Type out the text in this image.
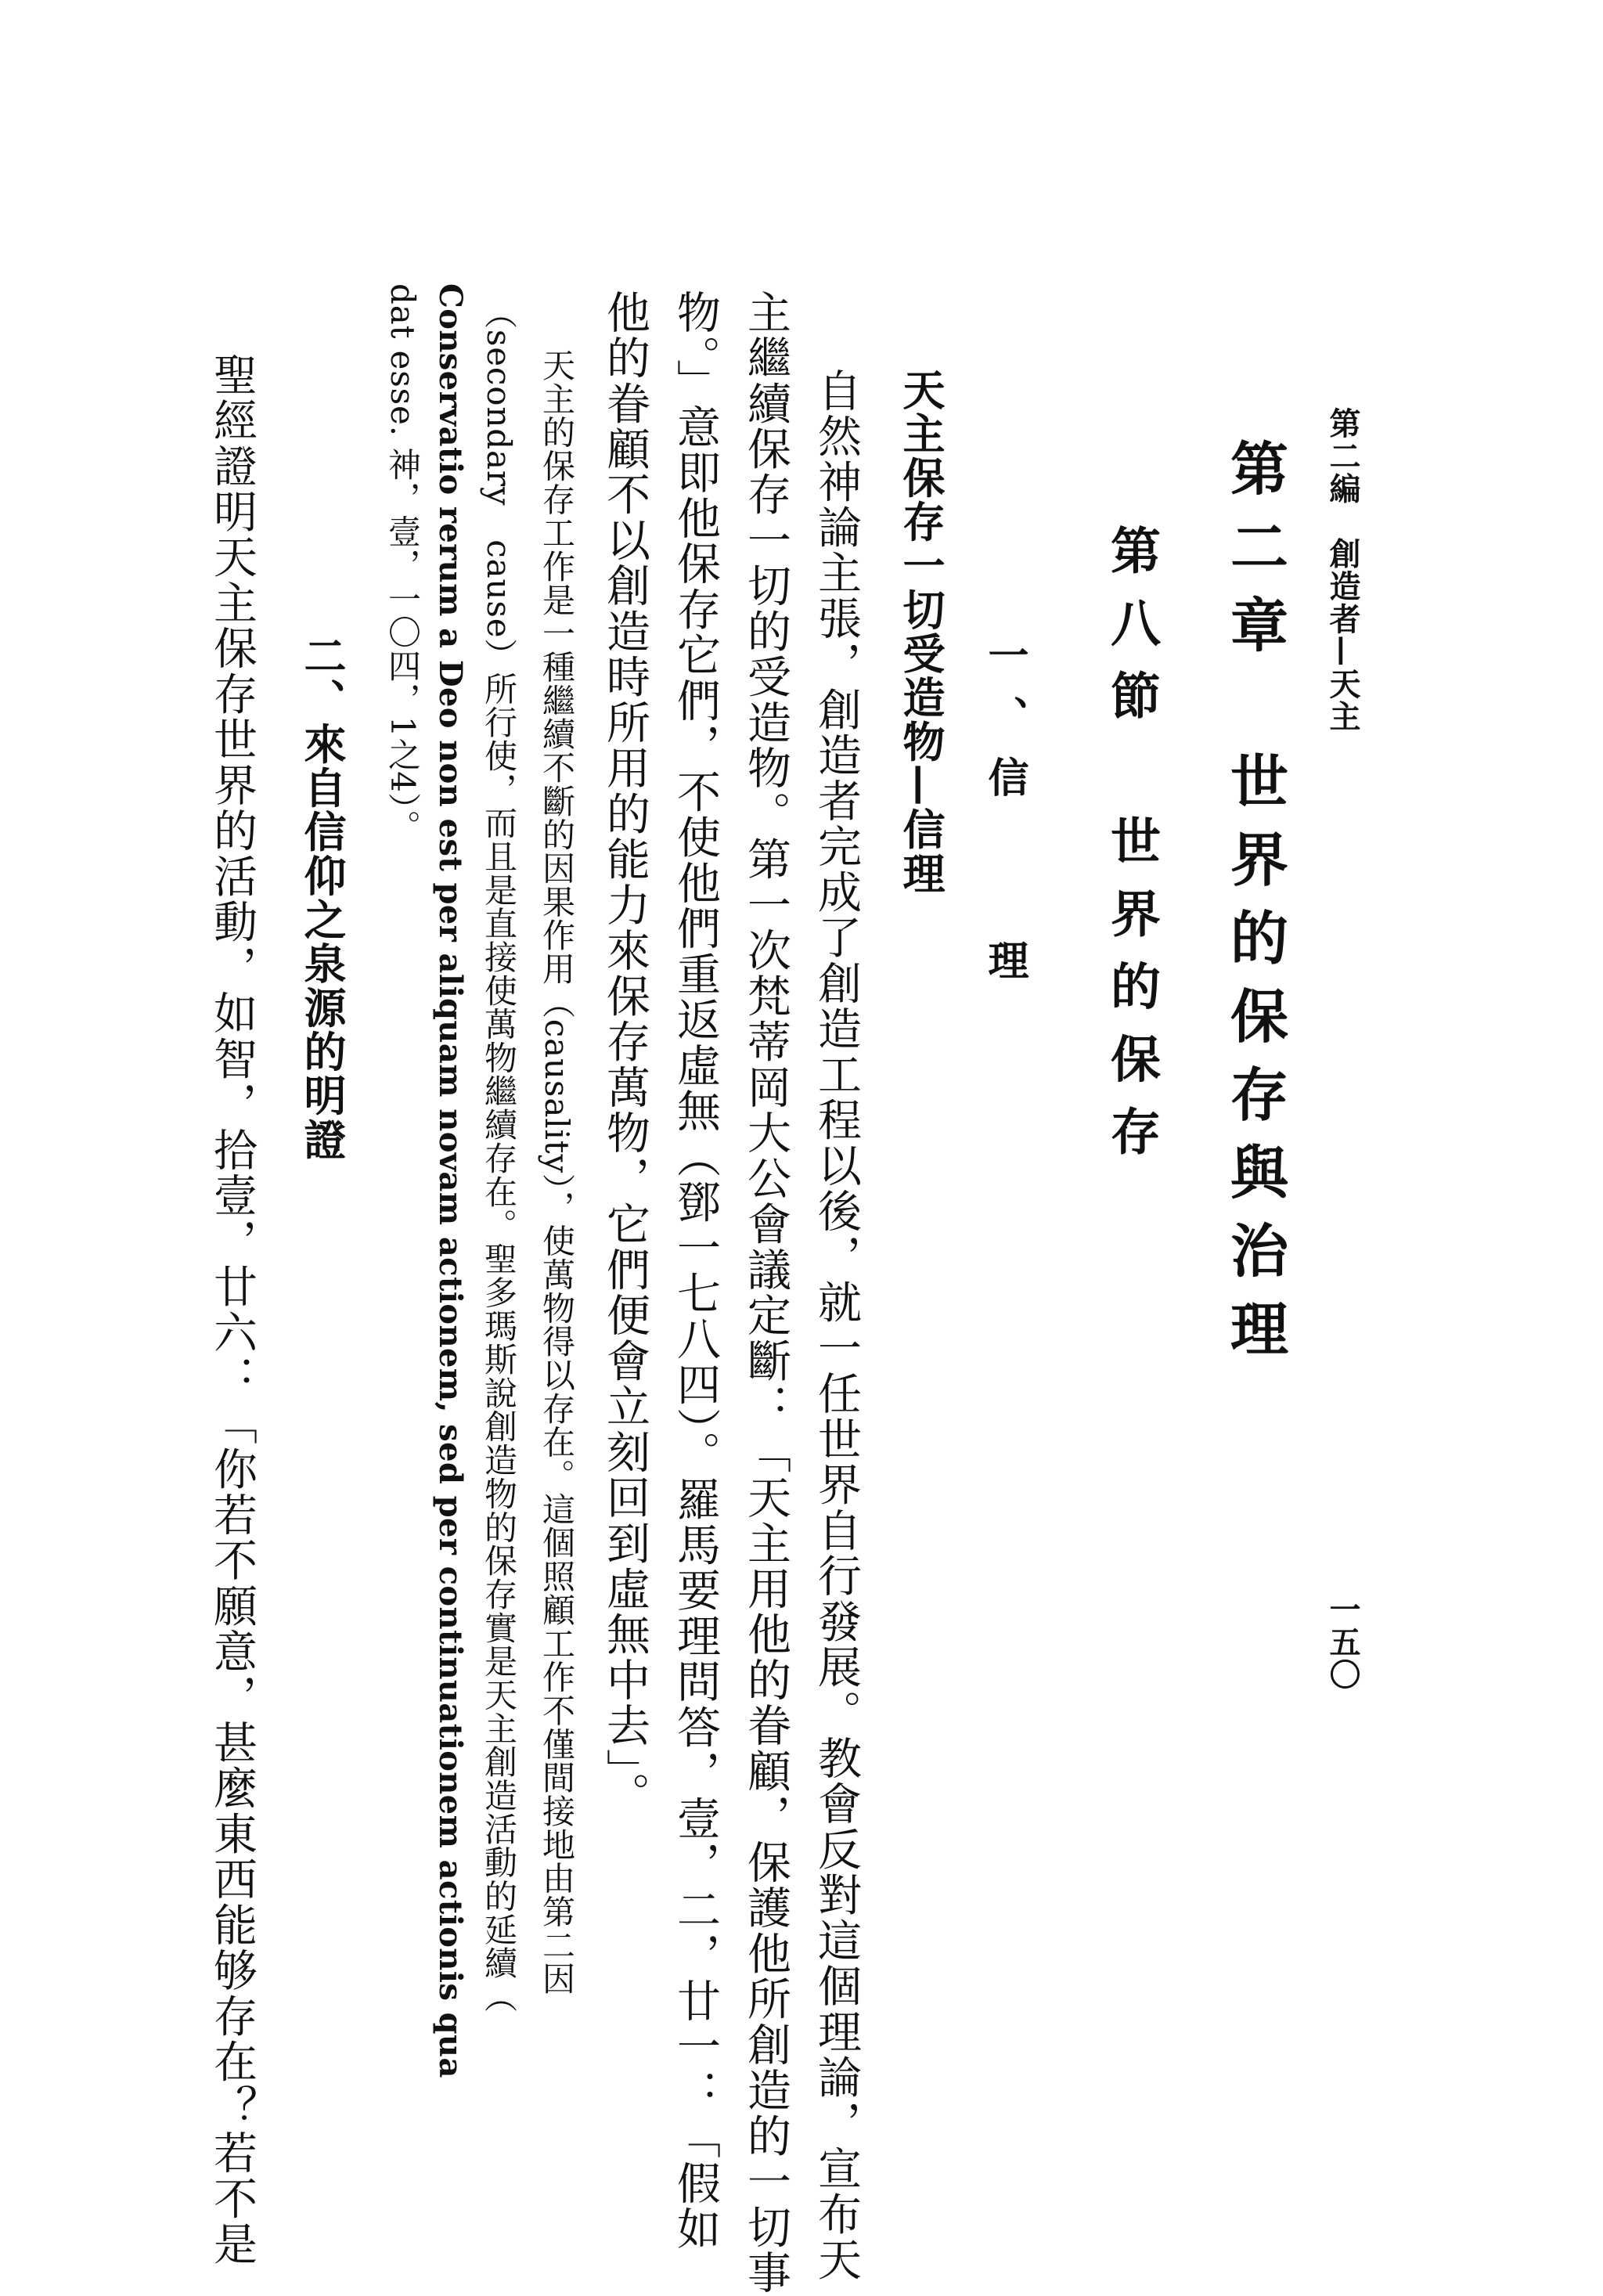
第二編　創造者—天主
一五〇
第二章　世界的保存與治理
第八節　世界的保存
一、信　　理
天主保存一切受造物—信理
自然神論主張，創造者完成了創造工程以後，就一任世界自行發展。教會反對這個理論，宣布天
主繼續保存一切的受造物。第一次梵蒂岡大公會議定斷：「天主用他的眷顧，保護他所創造的一切事
物。」意即他保存它們，不使他們重返虛無（鄧一七八四）。羅馬要理問答，壹，二，廿一：「假如
他的眷顧不以創造時所用的能力來保存萬物，它們便會立刻回到虛無中去」。
天主的保存工作是一種繼續不斷的因果作用（causality），使萬物得以存在。這個照顧工作不僅間接地由第二因
（secondary　cause）所行使，而且是直接使萬物繼續存在。聖多瑪斯說創造物的保存實是天主創造活動的延續（
Conservatio rerum a Deo non est per aliquam novam actionem, sed per continuationem actionis qua
dat esse. 神，壹，一〇四，1之4）。
二、來自信仰之泉源的明證
聖經證明天主保存世界的活動，如智，拾壹，廿六：「你若不願意，甚麼東西能够存在？若不是
